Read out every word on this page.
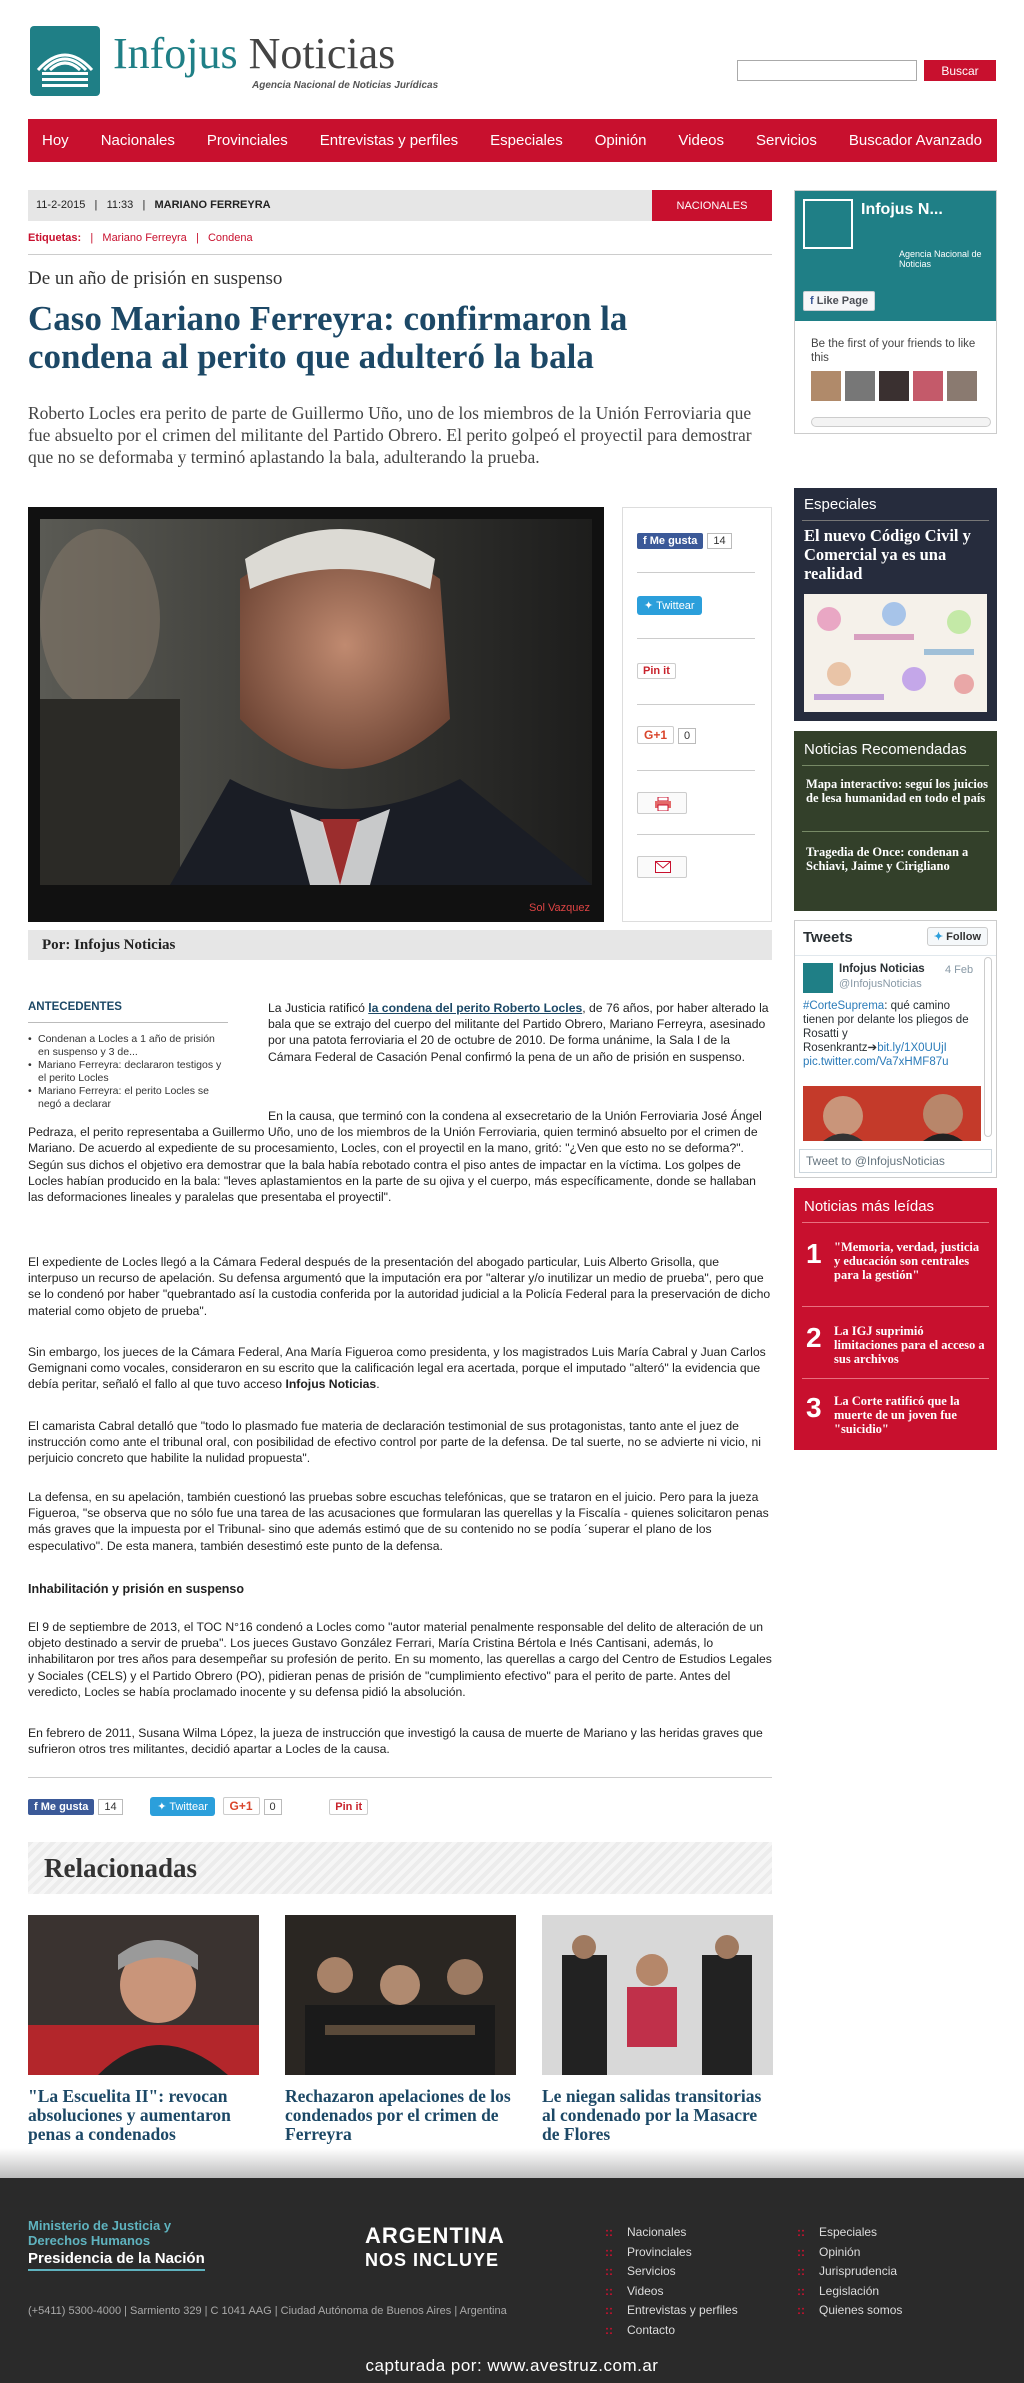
Infojus Noticias
Agencia Nacional de Noticias Jurídicas
Buscar
Hoy Nacionales Provinciales Entrevistas y perfiles Especiales Opinión Videos Servicios Buscador Avanzado
11-2-2015   |   11:33   |   MARIANO FERREYRA	NACIONALES
Etiquetas:   |   Mariano Ferreyra   |   Condena
De un año de prisión en suspenso
Caso Mariano Ferreyra: confirmaron la condena al perito que adulteró la bala

Roberto Locles era perito de parte de Guillermo Uño, uno de los miembros de la Unión Ferroviaria que fue absuelto por el crimen del militante del Partido Obrero. El perito golpeó el proyectil para demostrar que no se deformaba y terminó aplastando la bala, adulterando la prueba.

Sol Vazquez
f Me gusta 14
✦ Twittear
Pin it
G+1 0
Por: Infojus Noticias
ANTECEDENTES
• Condenan a Locles a 1 año de prisión en suspenso y 3 de...
• Mariano Ferreyra: declararon testigos y el perito Locles
• Mariano Ferreyra: el perito Locles se negó a declarar

La Justicia ratificó la condena del perito Roberto Locles, de 76 años, por haber alterado la bala que se extrajo del cuerpo del militante del Partido Obrero, Mariano Ferreyra, asesinado por una patota ferroviaria el 20 de octubre de 2010. De forma unánime, la Sala I de la Cámara Federal de Casación Penal confirmó la pena de un año de prisión en suspenso.

En la causa, que terminó con la condena al exsecretario de la Unión Ferroviaria José Ángel Pedraza, el perito representaba a Guillermo Uño, uno de los miembros de la Unión Ferroviaria, quien terminó absuelto por el crimen de Mariano. De acuerdo al expediente de su procesamiento, Locles, con el proyectil en la mano, gritó: "¿Ven que esto no se deforma?". Según sus dichos el objetivo era demostrar que la bala había rebotado contra el piso antes de impactar en la víctima. Los golpes de Locles habían producido en la bala: "leves aplastamientos en la parte de su ojiva y el cuerpo, más específicamente, donde se hallaban las deformaciones lineales y paralelas que presentaba el proyectil".

El expediente de Locles llegó a la Cámara Federal después de la presentación del abogado particular, Luis Alberto Grisolla, que interpuso un recurso de apelación. Su defensa argumentó que la imputación era por "alterar y/o inutilizar un medio de prueba", pero que se lo condenó por haber "quebrantado así la custodia conferida por la autoridad judicial a la Policía Federal para la preservación de dicho material como objeto de prueba".

Sin embargo, los jueces de la Cámara Federal, Ana María Figueroa como presidenta, y los magistrados Luis María Cabral y Juan Carlos Gemignani como vocales, consideraron en su escrito que la calificación legal era acertada, porque el imputado "alteró" la evidencia que debía peritar, señaló el fallo al que tuvo acceso Infojus Noticias.

El camarista Cabral detalló que "todo lo plasmado fue materia de declaración testimonial de sus protagonistas, tanto ante el juez de instrucción como ante el tribunal oral, con posibilidad de efectivo control por parte de la defensa. De tal suerte, no se advierte ni vicio, ni perjuicio concreto que habilite la nulidad propuesta".

La defensa, en su apelación, también cuestionó las pruebas sobre escuchas telefónicas, que se trataron en el juicio. Pero para la jueza Figueroa, "se observa que no sólo fue una tarea de las acusaciones que formularan las querellas y la Fiscalía - quienes solicitaron penas más graves que la impuesta por el Tribunal- sino que además estimó que de su contenido no se podía ´superar el plano de los especulativo". De esta manera, también desestimó este punto de la defensa.

Inhabilitación y prisión en suspenso

El 9 de septiembre de 2013, el TOC N°16 condenó a Locles como "autor material penalmente responsable del delito de alteración de un objeto destinado a servir de prueba". Los jueces Gustavo González Ferrari, María Cristina Bértola e Inés Cantisani, además, lo inhabilitaron por tres años para desempeñar su profesión de perito. En su momento, las querellas a cargo del Centro de Estudios Legales y Sociales (CELS) y el Partido Obrero (PO), pidieran penas de prisión de "cumplimiento efectivo" para el perito de parte. Antes del veredicto, Locles se había proclamado inocente y su defensa pidió la absolución.

En febrero de 2011, Susana Wilma López, la jueza de instrucción que investigó la causa de muerte de Mariano y las heridas graves que sufrieron otros tres militantes, decidió apartar a Locles de la causa.

f Me gusta 14	✦ Twittear G+1 0	Pin it
Relacionadas
"La Escuelita II": revocan absoluciones y aumentaron penas a condenados
Rechazaron apelaciones de los condenados por el crimen de Ferreyra
Le niegan salidas transitorias al condenado por la Masacre de Flores
Infojus N...
Agencia Nacional de Noticias
f Like Page
Be the first of your friends to like this
Especiales
El nuevo Código Civil y Comercial ya es una realidad
Noticias Recomendadas
Mapa interactivo: seguí los juicios de lesa humanidad en todo el país
Tragedia de Once: condenan a Schiavi, Jaime y Cirigliano
Tweets	✦ Follow
Infojus Noticias
@InfojusNoticias
4 Feb
#CorteSuprema: qué camino tienen por delante los pliegos de Rosatti y Rosenkrantz➔bit.ly/1X0UUjI
pic.twitter.com/Va7xHMF87u
Tweet to @InfojusNoticias
Noticias más leídas
1 "Memoria, verdad, justicia y educación son centrales para la gestión"
2 La IGJ suprimió limitaciones para el acceso a sus archivos
3 La Corte ratificó que la muerte de un joven fue "suicidio"
Ministerio de Justicia y Derechos Humanos
Presidencia de la Nación
ARGENTINA
NOS INCLUYE
(+5411) 5300-4000 | Sarmiento 329 | C 1041 AAG | Ciudad Autónoma de Buenos Aires | Argentina
:: Nacionales
:: Provinciales
:: Servicios
:: Videos
:: Entrevistas y perfiles
:: Contacto
:: Especiales
:: Opinión
:: Jurisprudencia
:: Legislación
:: Quienes somos
capturada por: www.avestruz.com.ar
